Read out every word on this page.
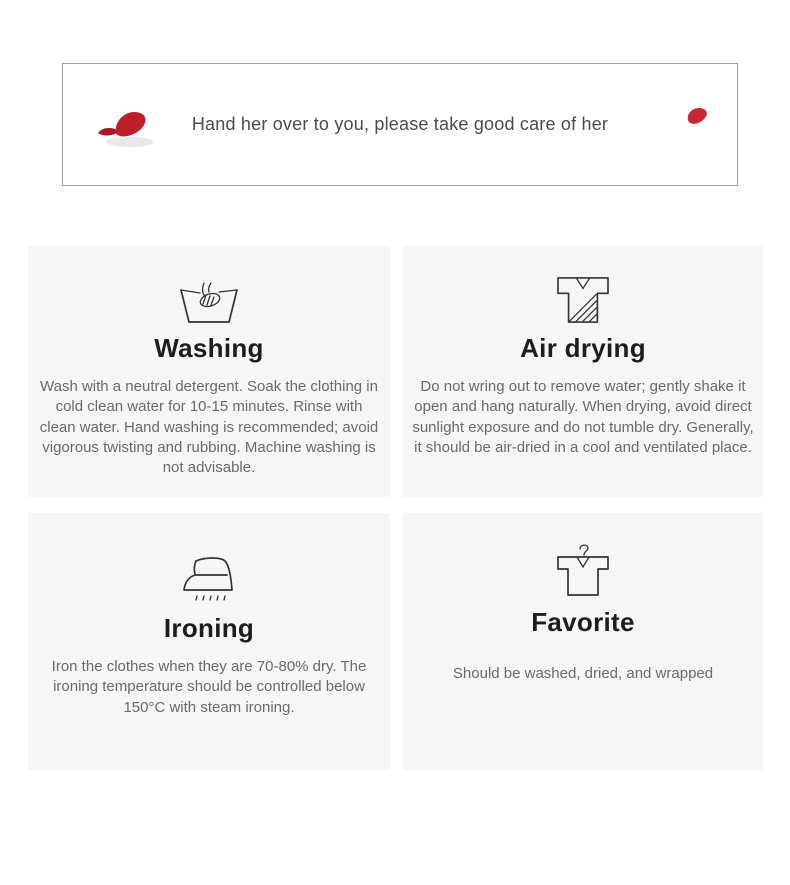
Hand her over to you, please take good care of her
Washing

Wash with a neutral detergent. Soak the clothing in cold clean water for 10-15 minutes. Rinse with clean water. Hand washing is recommended; avoid vigorous twisting and rubbing. Machine washing is not advisable.

Air drying

Do not wring out to remove water; gently shake it open and hang naturally. When drying, avoid direct sunlight exposure and do not tumble dry. Generally, it should be air-dried in a cool and ventilated place.

Ironing

Iron the clothes when they are 70-80% dry. The ironing temperature should be controlled below 150°C with steam ironing.

Favorite

Should be washed, dried, and wrapped
